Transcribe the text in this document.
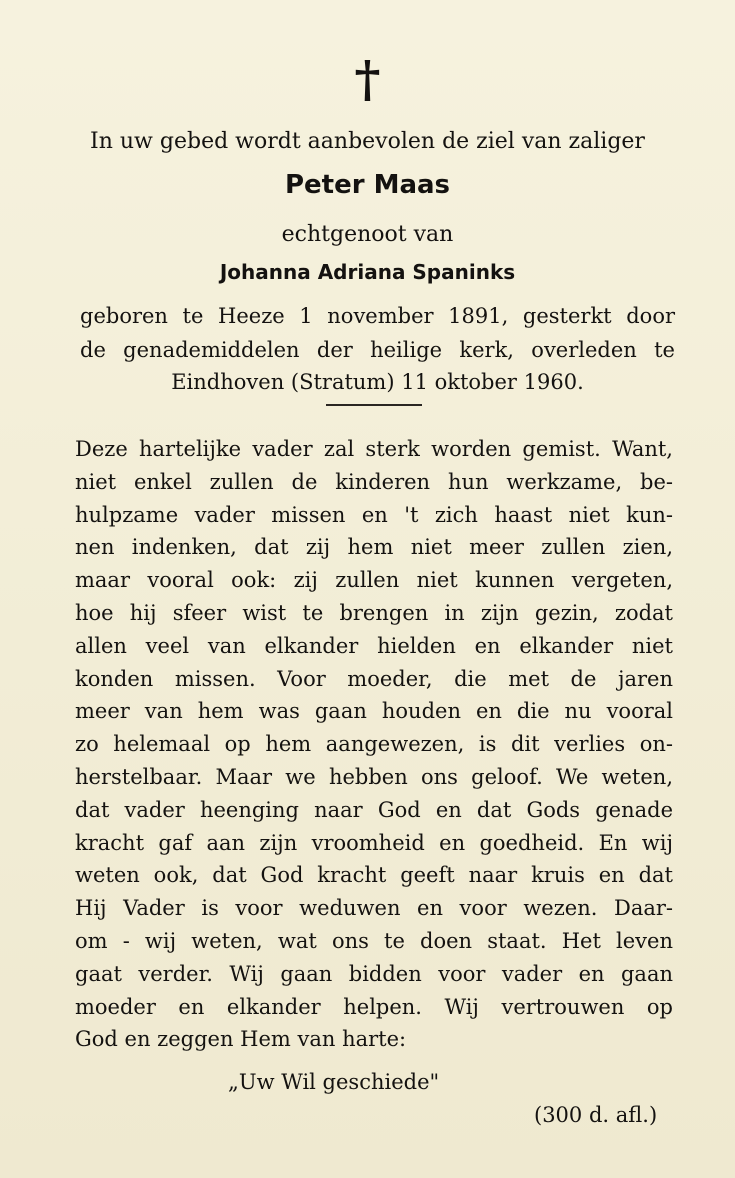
†
In uw gebed wordt aanbevolen de ziel van zaliger
Peter Maas
echtgenoot van
Johanna Adriana Spaninks
geboren te Heeze 1 november 1891, gesterkt door
de genademiddelen der heilige kerk, overleden te
Eindhoven (Stratum) 11 oktober 1960.
Deze hartelijke vader zal sterk worden gemist. Want,
niet enkel zullen de kinderen hun werkzame, be-
hulpzame vader missen en 't zich haast niet kun-
nen indenken, dat zij hem niet meer zullen zien,
maar vooral ook: zij zullen niet kunnen vergeten,
hoe hij sfeer wist te brengen in zijn gezin, zodat
allen veel van elkander hielden en elkander niet
konden missen. Voor moeder, die met de jaren
meer van hem was gaan houden en die nu vooral
zo helemaal op hem aangewezen, is dit verlies on-
herstelbaar. Maar we hebben ons geloof. We weten,
dat vader heenging naar God en dat Gods genade
kracht gaf aan zijn vroomheid en goedheid. En wij
weten ook, dat God kracht geeft naar kruis en dat
Hij Vader is voor weduwen en voor wezen. Daar-
om - wij weten, wat ons te doen staat. Het leven
gaat verder. Wij gaan bidden voor vader en gaan
moeder en elkander helpen. Wij vertrouwen op
God en zeggen Hem van harte:
„Uw Wil geschiede"
(300 d. afl.)
